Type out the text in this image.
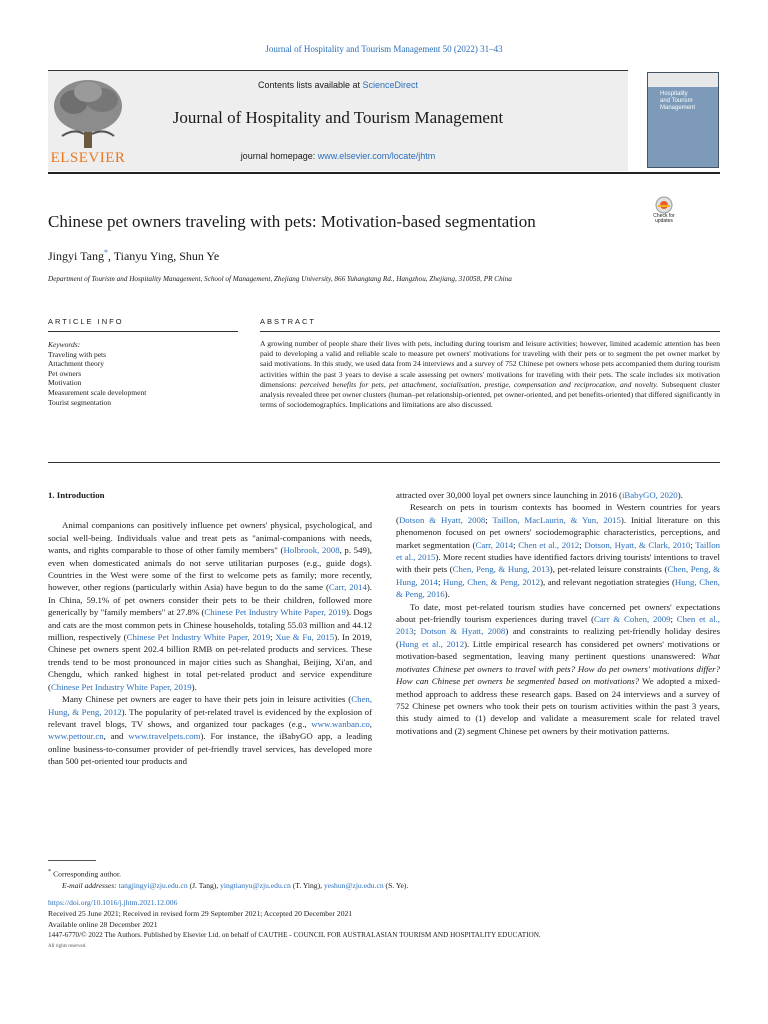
Journal of Hospitality and Tourism Management 50 (2022) 31–43
ELSEVIER
Contents lists available at ScienceDirect
Journal of Hospitality and Tourism Management
journal homepage: www.elsevier.com/locate/jhtm
Hospitality
and Tourism
Management
Chinese pet owners traveling with pets: Motivation-based segmentation	Check for updates
Jingyi Tang*, Tianyu Ying, Shun Ye
Department of Tourism and Hospitality Management, School of Management, Zhejiang University, 866 Yuhangtang Rd., Hangzhou, Zhejiang, 310058, PR China
ARTICLE INFO	ABSTRACT
Keywords:
Traveling with pets
Attachment theory
Pet owners
Motivation
Measurement scale development
Tourist segmentation
A growing number of people share their lives with pets, including during tourism and leisure activities; however, limited academic attention has been paid to developing a valid and reliable scale to measure pet owners' motivations for traveling with their pets or to segment the pet owner market by said motivations. In this study, we used data from 24 interviews and a survey of 752 Chinese pet owners whose pets accompanied them during tourism activities within the past 3 years to devise a scale assessing pet owners' motivations for traveling with their pets. The scale includes six motivation dimensions: perceived benefits for pets, pet attachment, socialisation, prestige, compensation and reciprocation, and novelty. Subsequent cluster analysis revealed three pet owner clusters (human–pet relationship-oriented, pet owner-oriented, and pet benefits-oriented) that differed significantly in terms of sociodemographics. Implications and limitations are also discussed.

1. Introduction

Animal companions can positively influence pet owners' physical, psychological, and social well-being. Individuals value and treat pets as "animal-companions with needs, wants, and rights comparable to those of other family members" (Holbrook, 2008, p. 549), even when domesticated animals do not serve utilitarian purposes (e.g., guide dogs). Countries in the West were some of the first to welcome pets as family; more recently, however, other regions (particularly within Asia) have begun to do the same (Carr, 2014). In China, 59.1% of pet owners consider their pets to be their children, followed more generically by "family members" at 27.8% (Chinese Pet Industry White Paper, 2019). Dogs and cats are the most common pets in Chinese households, totaling 55.03 million and 44.12 million, respectively (Chinese Pet Industry White Paper, 2019; Xue & Fu, 2015). In 2019, Chinese pet owners spent 202.4 billion RMB on pet-related products and services. These trends tend to be most pronounced in major cities such as Shanghai, Beijing, Xi'an, and Chengdu, which ranked highest in total pet-related product and service expenditure (Chinese Pet Industry White Paper, 2019).

Many Chinese pet owners are eager to have their pets join in leisure activities (Chen, Hung, & Peng, 2012). The popularity of pet-related travel is evidenced by the explosion of relevant travel blogs, TV shows, and organized tour packages (e.g., www.wanban.co, www.pettour.cn, and www.travelpets.com). For instance, the iBabyGO app, a leading online business-to-consumer provider of pet-friendly travel services, has developed more than 500 pet-oriented tour products and

attracted over 30,000 loyal pet owners since launching in 2016 (iBabyGO, 2020).

Research on pets in tourism contexts has boomed in Western countries for years (Dotson & Hyatt, 2008; Taillon, MacLaurin, & Yun, 2015). Initial literature on this phenomenon focused on pet owners' sociodemographic characteristics, perceptions, and market segmentation (Carr, 2014; Chen et al., 2012; Dotson, Hyatt, & Clark, 2010; Taillon et al., 2015). More recent studies have identified factors driving tourists' intentions to travel with their pets (Chen, Peng, & Hung, 2013), pet-related leisure constraints (Chen, Peng, & Hung, 2014; Hung, Chen, & Peng, 2012), and relevant negotiation strategies (Hung, Chen, & Peng, 2016).

To date, most pet-related tourism studies have concerned pet owners' expectations about pet-friendly tourism experiences during travel (Carr & Cohen, 2009; Chen et al., 2013; Dotson & Hyatt, 2008) and constraints to realizing pet-friendly holiday desires (Hung et al., 2012). Little empirical research has considered pet owners' motivations or motivation-based segmentation, leaving many pertinent questions unanswered: What motivates Chinese pet owners to travel with pets? How do pet owners' motivations differ? How can Chinese pet owners be segmented based on motivations? We adopted a mixed-method approach to address these research gaps. Based on 24 interviews and a survey of 752 Chinese pet owners who took their pets on tourism activities within the past 3 years, this study aimed to (1) develop and validate a measurement scale for related travel motivations and (2) segment Chinese pet owners by their motivation patterns.

* Corresponding author.
E-mail addresses: tangjingyi@zju.edu.cn (J. Tang), yingtianyu@zju.edu.cn (T. Ying), yeshun@zju.edu.cn (S. Ye).
https://doi.org/10.1016/j.jhtm.2021.12.006
Received 25 June 2021; Received in revised form 29 September 2021; Accepted 20 December 2021
Available online 28 December 2021
1447-6770/© 2022 The Authors. Published by Elsevier Ltd. on behalf of CAUTHE - COUNCIL FOR AUSTRALASIAN TOURISM AND HOSPITALITY EDUCATION.
All rights reserved.
